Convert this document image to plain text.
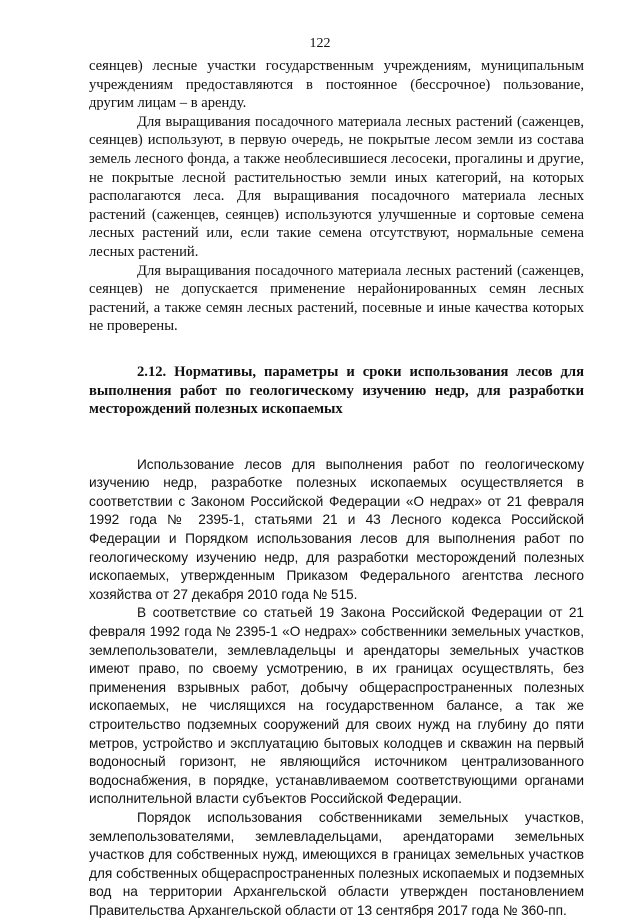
122

сеянцев) лесные участки государственным учреждениям, муниципальным учреждениям предоставляются в постоянное (бессрочное) пользование, другим лицам – в аренду.

Для выращивания посадочного материала лесных растений (саженцев, сеянцев) используют, в первую очередь, не покрытые лесом земли из состава земель лесного фонда, а также необлесившиеся лесосеки, прогалины и другие, не покрытые лесной растительностью земли иных категорий, на которых располагаются леса. Для выращивания посадочного материала лесных растений (саженцев, сеянцев) используются улучшенные и сортовые семена лесных растений или, если такие семена отсутствуют, нормальные семена лесных растений.

Для выращивания посадочного материала лесных растений (саженцев, сеянцев) не допускается применение нерайонированных семян лесных растений, а также семян лесных растений, посевные и иные качества которых не проверены.

2.12. Нормативы, параметры и сроки использования лесов для выполнения работ по геологическому изучению недр, для разработки месторождений полезных ископаемых

Использование лесов для выполнения работ по геологическому изучению недр, разработке полезных ископаемых осуществляется в соответствии с Законом Российской Федерации «О недрах» от 21 февраля 1992 года № 2395-1, статьями 21 и 43 Лесного кодекса Российской Федерации и Порядком использования лесов для выполнения работ по геологическому изучению недр, для разработки месторождений полезных ископаемых, утвержденным Приказом Федерального агентства лесного хозяйства от 27 декабря 2010 года № 515.

В соответствие со статьей 19 Закона Российской Федерации от 21 февраля 1992 года № 2395-1 «О недрах» собственники земельных участков, землепользователи, землевладельцы и арендаторы земельных участков имеют право, по своему усмотрению, в их границах осуществлять, без применения взрывных работ, добычу общераспространенных полезных ископаемых, не числящихся на государственном балансе, а так же строительство подземных сооружений для своих нужд на глубину до пяти метров, устройство и эксплуатацию бытовых колодцев и скважин на первый водоносный горизонт, не являющийся источником централизованного водоснабжения, в порядке, устанавливаемом соответствующими органами исполнительной власти субъектов Российской Федерации.

Порядок использования собственниками земельных участков, землепользователями, землевладельцами, арендаторами земельных участков для собственных нужд, имеющихся в границах земельных участков для собственных общераспространенных полезных ископаемых и подземных вод на территории Архангельской области утвержден постановлением Правительства Архангельской области от 13 сентября 2017 года № 360-пп.
